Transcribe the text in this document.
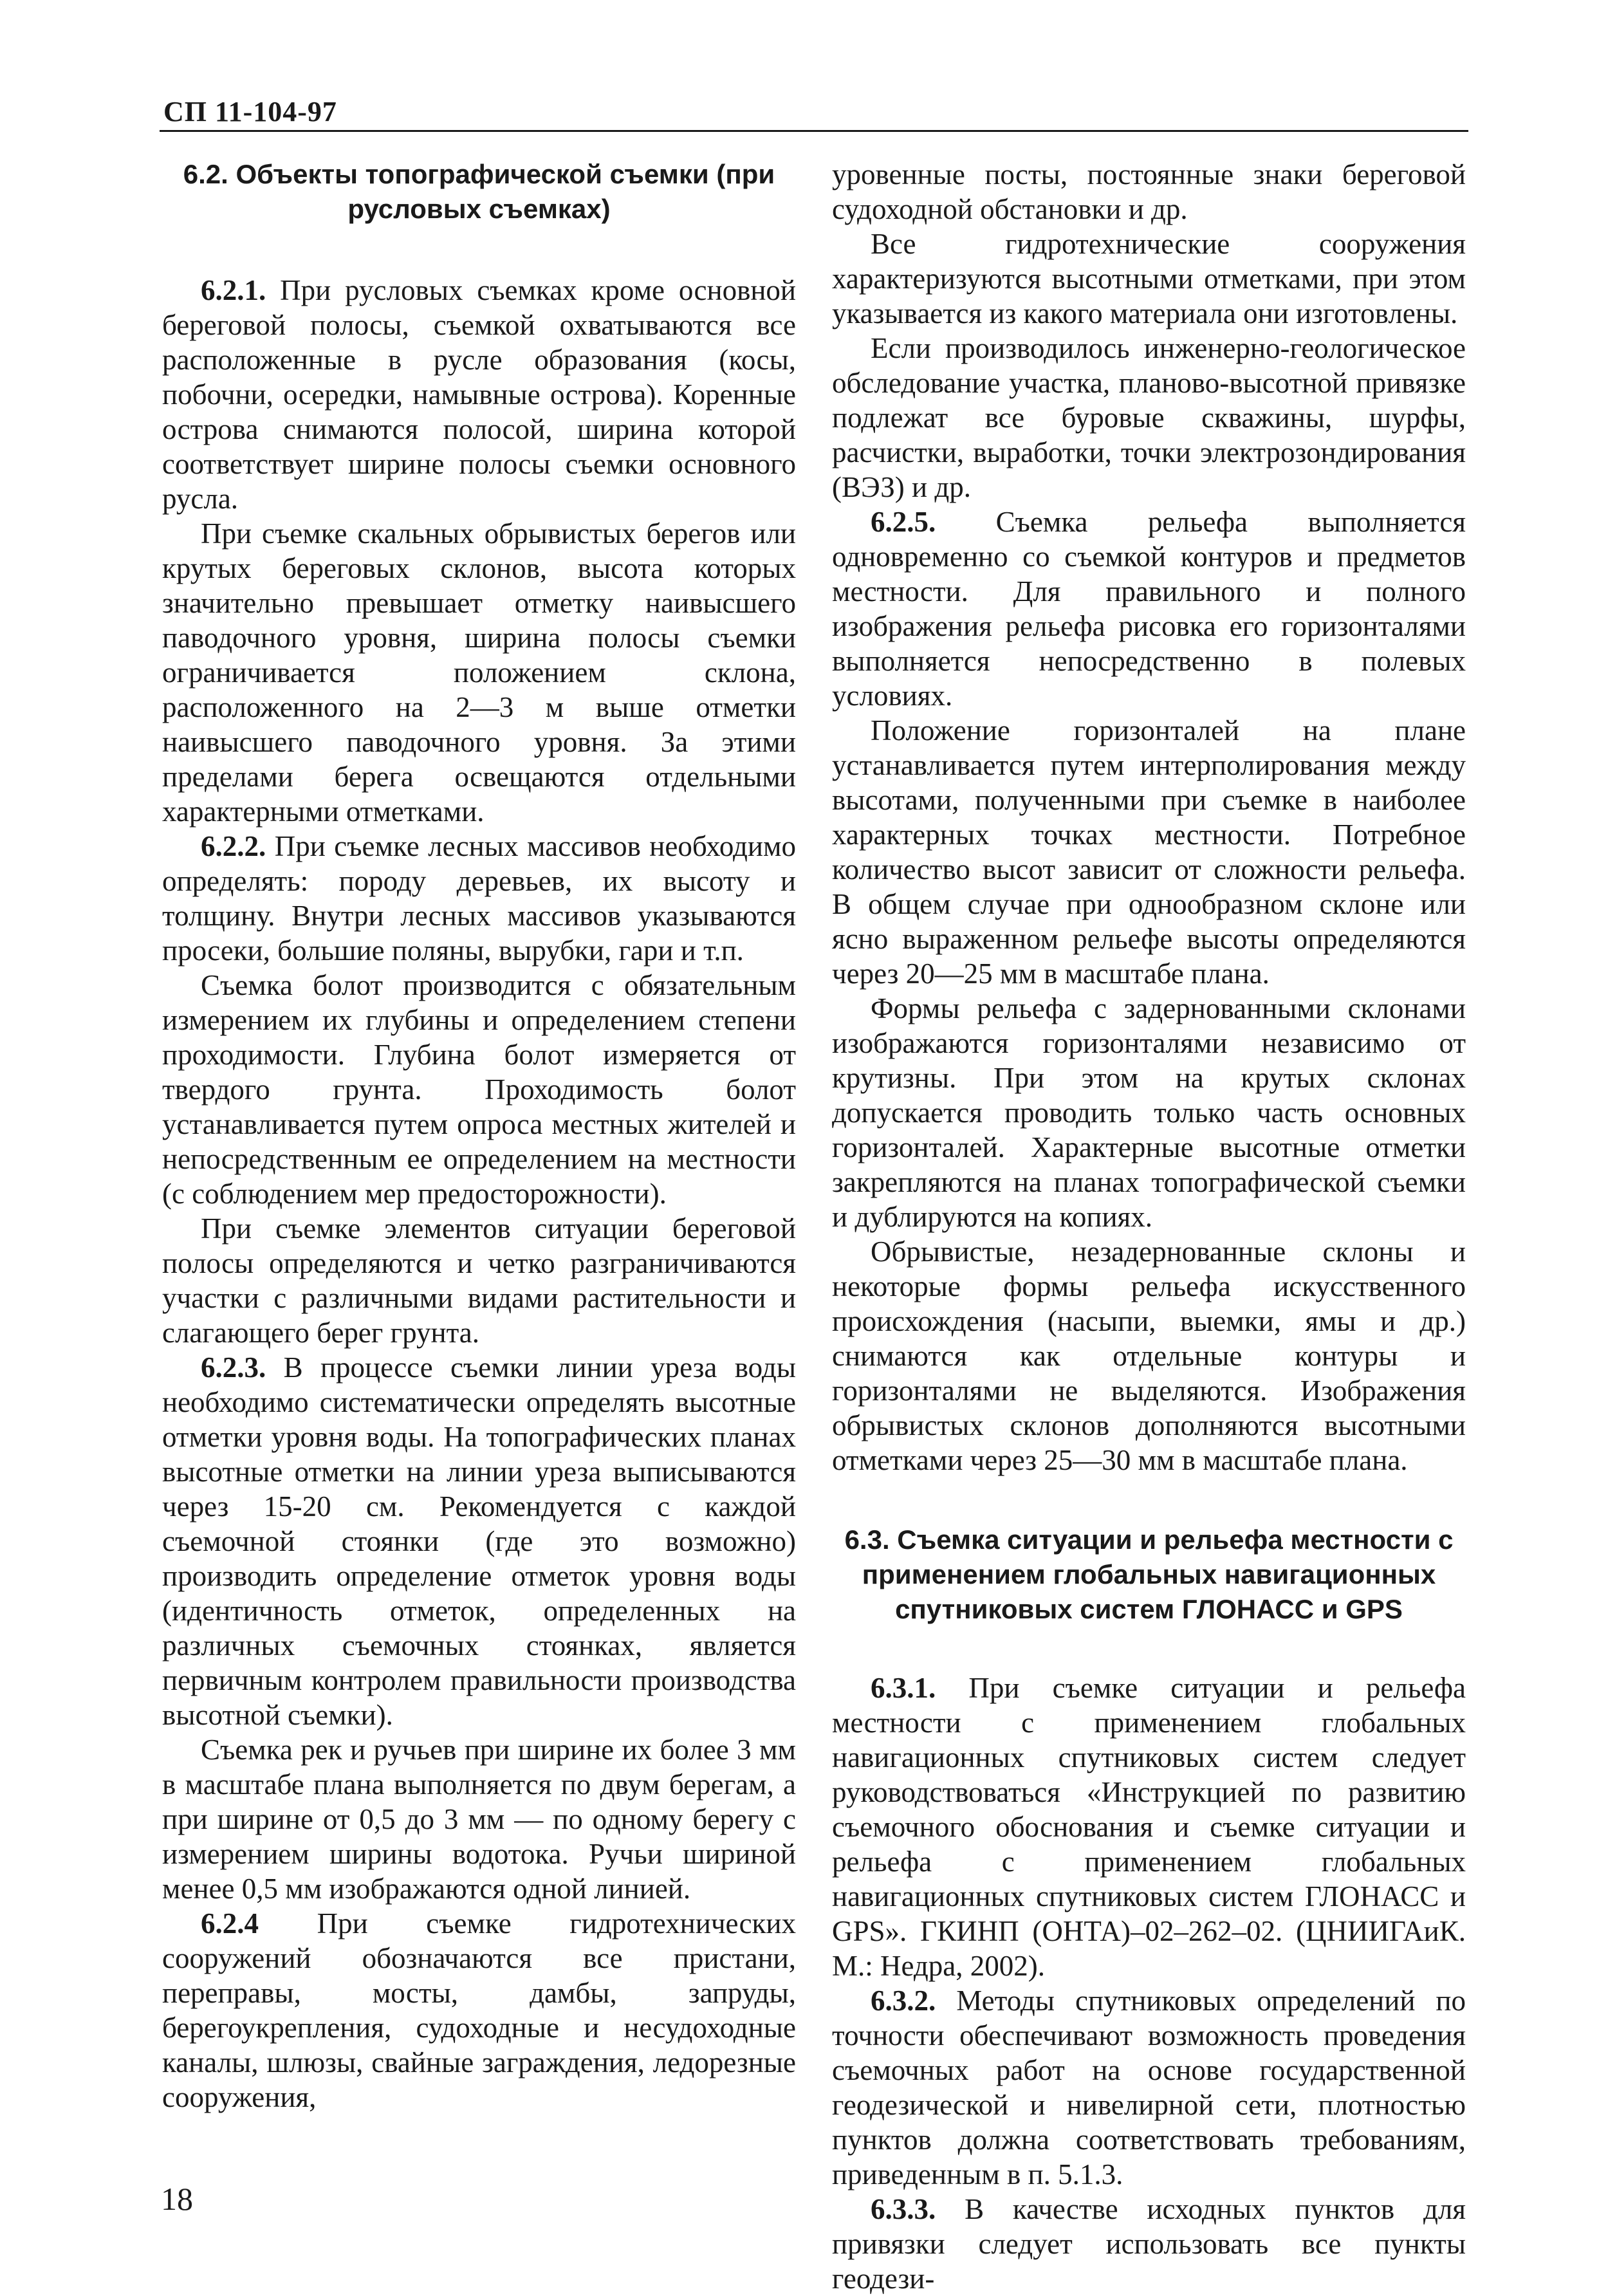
СП 11-104-97
6.2. Объекты топографической съемки (при русловых съемках)

6.2.1. При русловых съемках кроме основной береговой полосы, съемкой охватываются все расположенные в русле образования (косы, побочни, осередки, намывные острова). Коренные острова снимаются полосой, ширина которой соответствует ширине полосы съемки основного русла.

При съемке скальных обрывистых берегов или крутых береговых склонов, высота которых значительно превышает отметку наивысшего паводочного уровня, ширина полосы съемки ограничивается положением склона, расположенного на 2—3 м выше отметки наивысшего паводочного уровня. За этими пределами берега освещаются отдельными характерными отметками.

6.2.2. При съемке лесных массивов необходимо определять: породу деревьев, их высоту и толщину. Внутри лесных массивов указываются просеки, большие поляны, вырубки, гари и т.п.

Съемка болот производится с обязательным измерением их глубины и определением степени проходимости. Глубина болот измеряется от твердого грунта. Проходимость болот устанавливается путем опроса местных жителей и непосредственным ее определением на местности (с соблюдением мер предосторожности).

При съемке элементов ситуации береговой полосы определяются и четко разграничиваются участки с различными видами растительности и слагающего берег грунта.

6.2.3. В процессе съемки линии уреза воды необходимо систематически определять высотные отметки уровня воды. На топографических планах высотные отметки на линии уреза выписываются через 15-20 см. Рекомендуется с каждой съемочной стоянки (где это возможно) производить определение отметок уровня воды (идентичность отметок, определенных на различных съемочных стоянках, является первичным контролем правильности производства высотной съемки).

Съемка рек и ручьев при ширине их более 3 мм в масштабе плана выполняется по двум берегам, а при ширине от 0,5 до 3 мм — по одному берегу с измерением ширины водотока. Ручьи шириной менее 0,5 мм изображаются одной линией.

6.2.4 При съемке гидротехнических сооружений обозначаются все пристани, переправы, мосты, дамбы, запруды, берегоукрепления, судоходные и несудоходные каналы, шлюзы, свайные заграждения, ледорезные сооружения,

уровенные посты, постоянные знаки береговой судоходной обстановки и др.

Все гидротехнические сооружения характеризуются высотными отметками, при этом указывается из какого материала они изготовлены.

Если производилось инженерно-геологическое обследование участка, планово-высотной привязке подлежат все буровые скважины, шурфы, расчистки, выработки, точки электрозондирования (ВЭЗ) и др.

6.2.5. Съемка рельефа выполняется одновременно со съемкой контуров и предметов местности. Для правильного и полного изображения рельефа рисовка его горизонталями выполняется непосредственно в полевых условиях.

Положение горизонталей на плане устанавливается путем интерполирования между высотами, полученными при съемке в наиболее характерных точках местности. Потребное количество высот зависит от сложности рельефа. В общем случае при однообразном склоне или ясно выраженном рельефе высоты определяются через 20—25 мм в масштабе плана.

Формы рельефа с задернованными склонами изображаются горизонталями независимо от крутизны. При этом на крутых склонах допускается проводить только часть основных горизонталей. Характерные высотные отметки закрепляются на планах топографической съемки и дублируются на копиях.

Обрывистые, незадернованные склоны и некоторые формы рельефа искусственного происхождения (насыпи, выемки, ямы и др.) снимаются как отдельные контуры и горизонталями не выделяются. Изображения обрывистых склонов дополняются высотными отметками через 25—30 мм в масштабе плана.

6.3. Съемка ситуации и рельефа местности с применением глобальных навигационных спутниковых систем ГЛОНАСС и GPS

6.3.1. При съемке ситуации и рельефа местности с применением глобальных навигационных спутниковых систем следует руководствоваться «Инструкцией по развитию съемочного обоснования и съемке ситуации и рельефа с применением глобальных навигационных спутниковых систем ГЛОНАСС и GPS». ГКИНП (ОНТА)–02–262–02. (ЦНИИГАиК. М.: Недра, 2002).

6.3.2. Методы спутниковых определений по точности обеспечивают возможность проведения съемочных работ на основе государственной геодезической и нивелирной сети, плотностью пунктов должна соответствовать требованиям, приведенным в п. 5.1.3.

6.3.3. В качестве исходных пунктов для привязки следует использовать все пункты геодези-

18
